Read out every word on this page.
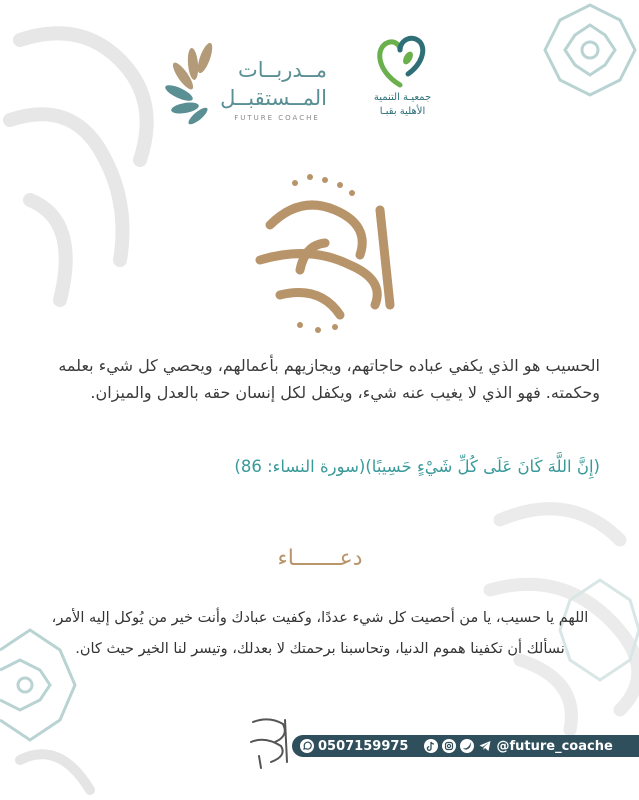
مــدربــات
المــستقبــل
FUTURE COACHE
جمعيـة التنمية
الأهلية بقبـا
الحسيب هو الذي يكفي عباده حاجاتهم، ويجازيهم بأعمالهم، ويحصي كل شيء بعلمه وحكمته. فهو الذي لا يغيب عنه شيء، ويكفل لكل إنسان حقه بالعدل والميزان.
(إِنَّ اللَّهَ كَانَ عَلَى كُلِّ شَيْءٍ حَسِيبًا)(سورة النساء: 86)
دعـــــــاء
اللهم يا حسيب، يا من أحصيت كل شيء عددًا، وكفيت عبادك وأنت خير من يُوكل إليه الأمر، نسألك أن تكفينا هموم الدنيا، وتحاسبنا برحمتك لا بعدلك، وتيسر لنا الخير حيث كان.
0507159975	@future_coache
